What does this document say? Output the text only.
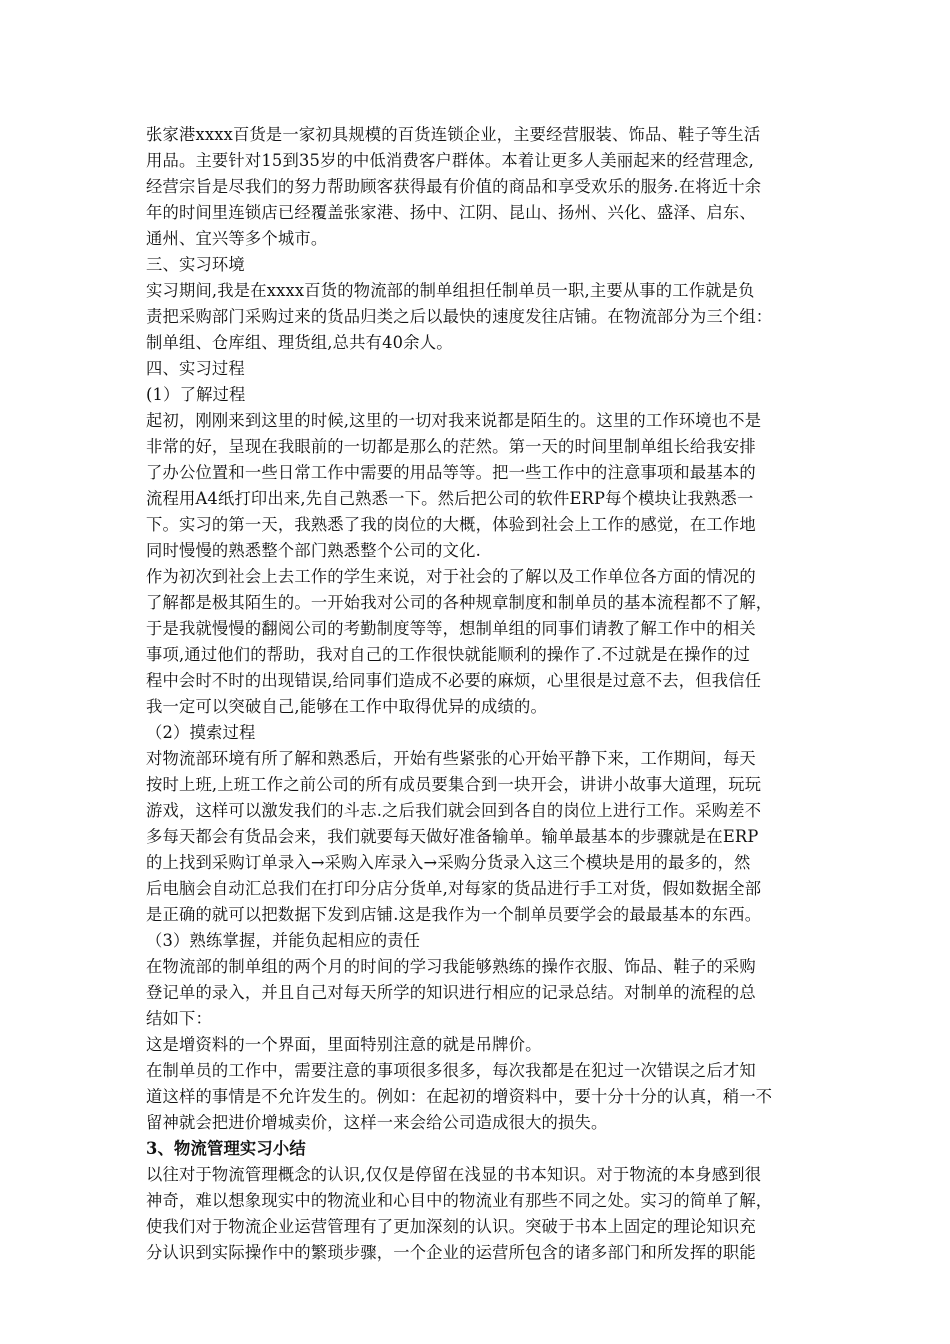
张家港xxxx百货是一家初具规模的百货连锁企业，主要经营服装、饰品、鞋子等生活
用品。主要针对15到35岁的中低消费客户群体。本着让更多人美丽起来的经营理念,
经营宗旨是尽我们的努力帮助顾客获得最有价值的商品和享受欢乐的服务.在将近十余
年的时间里连锁店已经覆盖张家港、扬中、江阴、昆山、扬州、兴化、盛泽、启东、
通州、宜兴等多个城市。
三、实习环境
实习期间,我是在xxxx百货的物流部的制单组担任制单员一职,主要从事的工作就是负
责把采购部门采购过来的货品归类之后以最快的速度发往店铺。在物流部分为三个组：
制单组、仓库组、理货组,总共有40余人。
四、实习过程
(1）了解过程
起初，刚刚来到这里的时候,这里的一切对我来说都是陌生的。这里的工作环境也不是
非常的好，呈现在我眼前的一切都是那么的茫然。第一天的时间里制单组长给我安排
了办公位置和一些日常工作中需要的用品等等。把一些工作中的注意事项和最基本的
流程用A4纸打印出来,先自己熟悉一下。然后把公司的软件ERP每个模块让我熟悉一
下。实习的第一天，我熟悉了我的岗位的大概，体验到社会上工作的感觉，在工作地
同时慢慢的熟悉整个部门熟悉整个公司的文化.
作为初次到社会上去工作的学生来说，对于社会的了解以及工作单位各方面的情况的
了解都是极其陌生的。一开始我对公司的各种规章制度和制单员的基本流程都不了解，
于是我就慢慢的翻阅公司的考勤制度等等，想制单组的同事们请教了解工作中的相关
事项,通过他们的帮助，我对自己的工作很快就能顺利的操作了.不过就是在操作的过
程中会时不时的出现错误,给同事们造成不必要的麻烦，心里很是过意不去，但我信任
我一定可以突破自己,能够在工作中取得优异的成绩的。
（2）摸索过程
对物流部环境有所了解和熟悉后，开始有些紧张的心开始平静下来，工作期间，每天
按时上班,上班工作之前公司的所有成员要集合到一块开会，讲讲小故事大道理，玩玩
游戏，这样可以激发我们的斗志.之后我们就会回到各自的岗位上进行工作。采购差不
多每天都会有货品会来，我们就要每天做好准备输单。输单最基本的步骤就是在ERP
的上找到采购订单录入→采购入库录入→采购分货录入这三个模块是用的最多的，然
后电脑会自动汇总我们在打印分店分货单,对每家的货品进行手工对货，假如数据全部
是正确的就可以把数据下发到店铺.这是我作为一个制单员要学会的最最基本的东西。
（3）熟练掌握，并能负起相应的责任
在物流部的制单组的两个月的时间的学习我能够熟练的操作衣服、饰品、鞋子的采购
登记单的录入，并且自己对每天所学的知识进行相应的记录总结。对制单的流程的总
结如下：
这是增资料的一个界面，里面特别注意的就是吊牌价。
在制单员的工作中，需要注意的事项很多很多，每次我都是在犯过一次错误之后才知
道这样的事情是不允许发生的。例如：在起初的增资料中，要十分十分的认真，稍一不
留神就会把进价增城卖价，这样一来会给公司造成很大的损失。
3、物流管理实习小结
以往对于物流管理概念的认识,仅仅是停留在浅显的书本知识。对于物流的本身感到很
神奇，难以想象现实中的物流业和心目中的物流业有那些不同之处。实习的简单了解，
使我们对于物流企业运营管理有了更加深刻的认识。突破于书本上固定的理论知识充
分认识到实际操作中的繁琐步骤，一个企业的运营所包含的诸多部门和所发挥的职能
